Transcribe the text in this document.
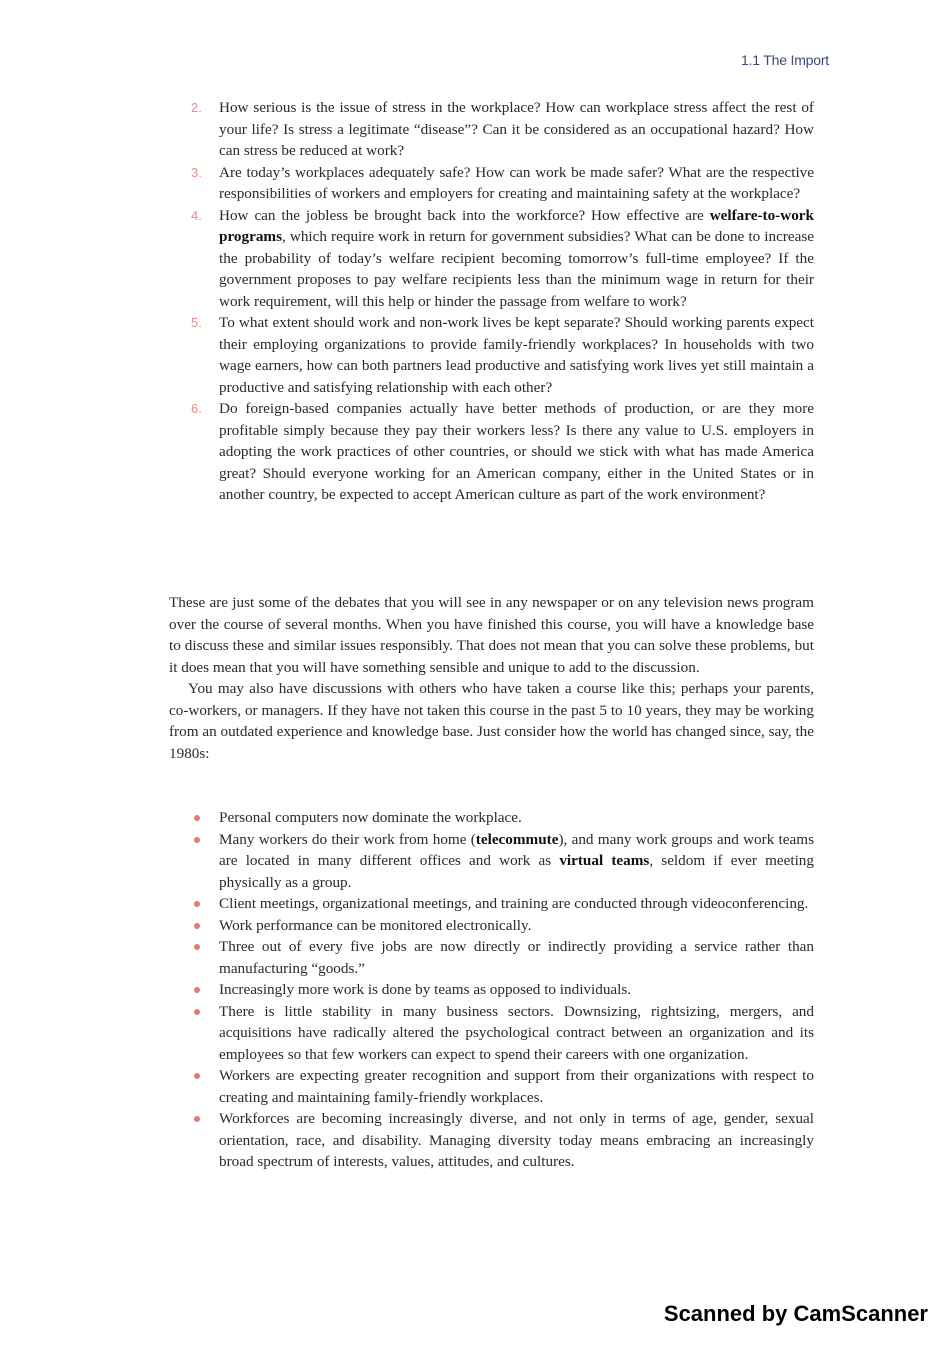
1.1 The Import
2. How serious is the issue of stress in the workplace? How can workplace stress affect the rest of your life? Is stress a legitimate “disease”? Can it be considered as an occupational hazard? How can stress be reduced at work?
3. Are today’s workplaces adequately safe? How can work be made safer? What are the respective responsibilities of workers and employers for creating and maintaining safety at the workplace?
4. How can the jobless be brought back into the workforce? How effective are welfare-to-work programs, which require work in return for government subsidies? What can be done to increase the probability of today’s welfare recipient becoming tomorrow’s full-time employee? If the government proposes to pay welfare recipients less than the minimum wage in return for their work requirement, will this help or hinder the passage from welfare to work?
5. To what extent should work and non-work lives be kept separate? Should working parents expect their employing organizations to provide family-friendly workplaces? In households with two wage earners, how can both partners lead productive and satisfying work lives yet still maintain a productive and satisfying relationship with each other?
6. Do foreign-based companies actually have better methods of production, or are they more profitable simply because they pay their workers less? Is there any value to U.S. employers in adopting the work practices of other countries, or should we stick with what has made America great? Should everyone working for an American company, either in the United States or in another country, be expected to accept American culture as part of the work environment?

These are just some of the debates that you will see in any newspaper or on any television news program over the course of several months. When you have finished this course, you will have a knowledge base to discuss these and similar issues responsibly. That does not mean that you can solve these problems, but it does mean that you will have something sensible and unique to add to the discussion.

You may also have discussions with others who have taken a course like this; perhaps your parents, co-workers, or managers. If they have not taken this course in the past 5 to 10 years, they may be working from an outdated experience and knowledge base. Just consider how the world has changed since, say, the 1980s:

Personal computers now dominate the workplace.
Many workers do their work from home (telecommute), and many work groups and work teams are located in many different offices and work as virtual teams, seldom if ever meeting physically as a group.
Client meetings, organizational meetings, and training are conducted through videoconferencing.
Work performance can be monitored electronically.
Three out of every five jobs are now directly or indirectly providing a service rather than manufacturing “goods.”
Increasingly more work is done by teams as opposed to individuals.
There is little stability in many business sectors. Downsizing, rightsizing, mergers, and acquisitions have radically altered the psychological contract between an organization and its employees so that few workers can expect to spend their careers with one organization.
Workers are expecting greater recognition and support from their organizations with respect to creating and maintaining family-friendly workplaces.
Workforces are becoming increasingly diverse, and not only in terms of age, gender, sexual orientation, race, and disability. Managing diversity today means embracing an increasingly broad spectrum of interests, values, attitudes, and cultures.
Scanned by CamScanner
